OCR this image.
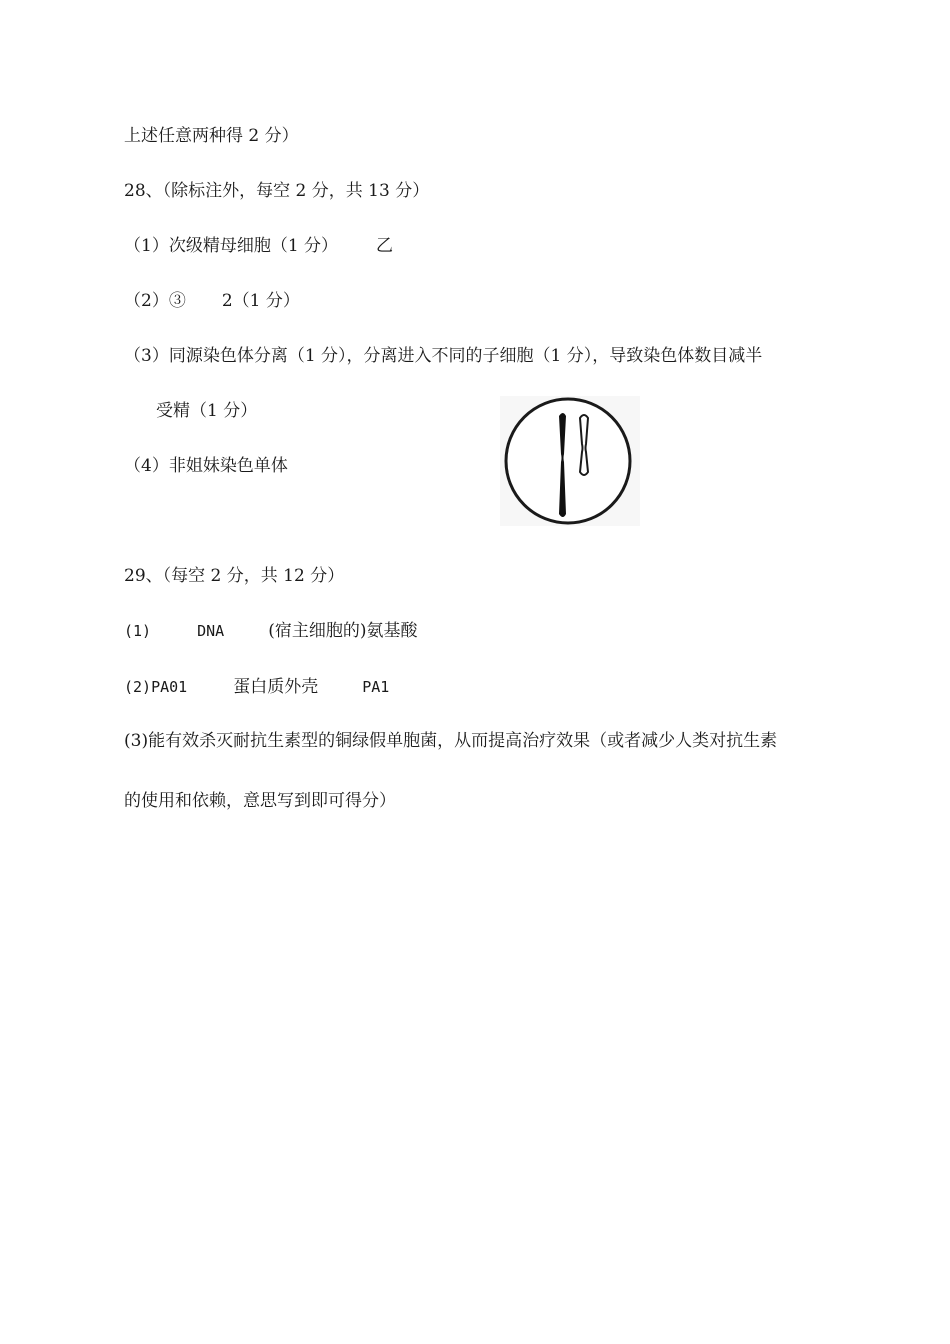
上述任意两种得 2 分）
28、（除标注外，每空 2 分，共 13 分）
（1）次级精母细胞（1 分） 乙
（2）③ 2（1 分）
（3）同源染色体分离（1 分），分离进入不同的子细胞（1 分），导致染色体数目减半
受精（1 分）
（4）非姐妹染色单体
29、（每空 2 分，共 12 分）
(1)	DNA	(宿主细胞的)氨基酸
(2)PA01	蛋白质外壳	PA1
(3)能有效杀灭耐抗生素型的铜绿假单胞菌，从而提高治疗效果（或者减少人类对抗生素
的使用和依赖，意思写到即可得分）
